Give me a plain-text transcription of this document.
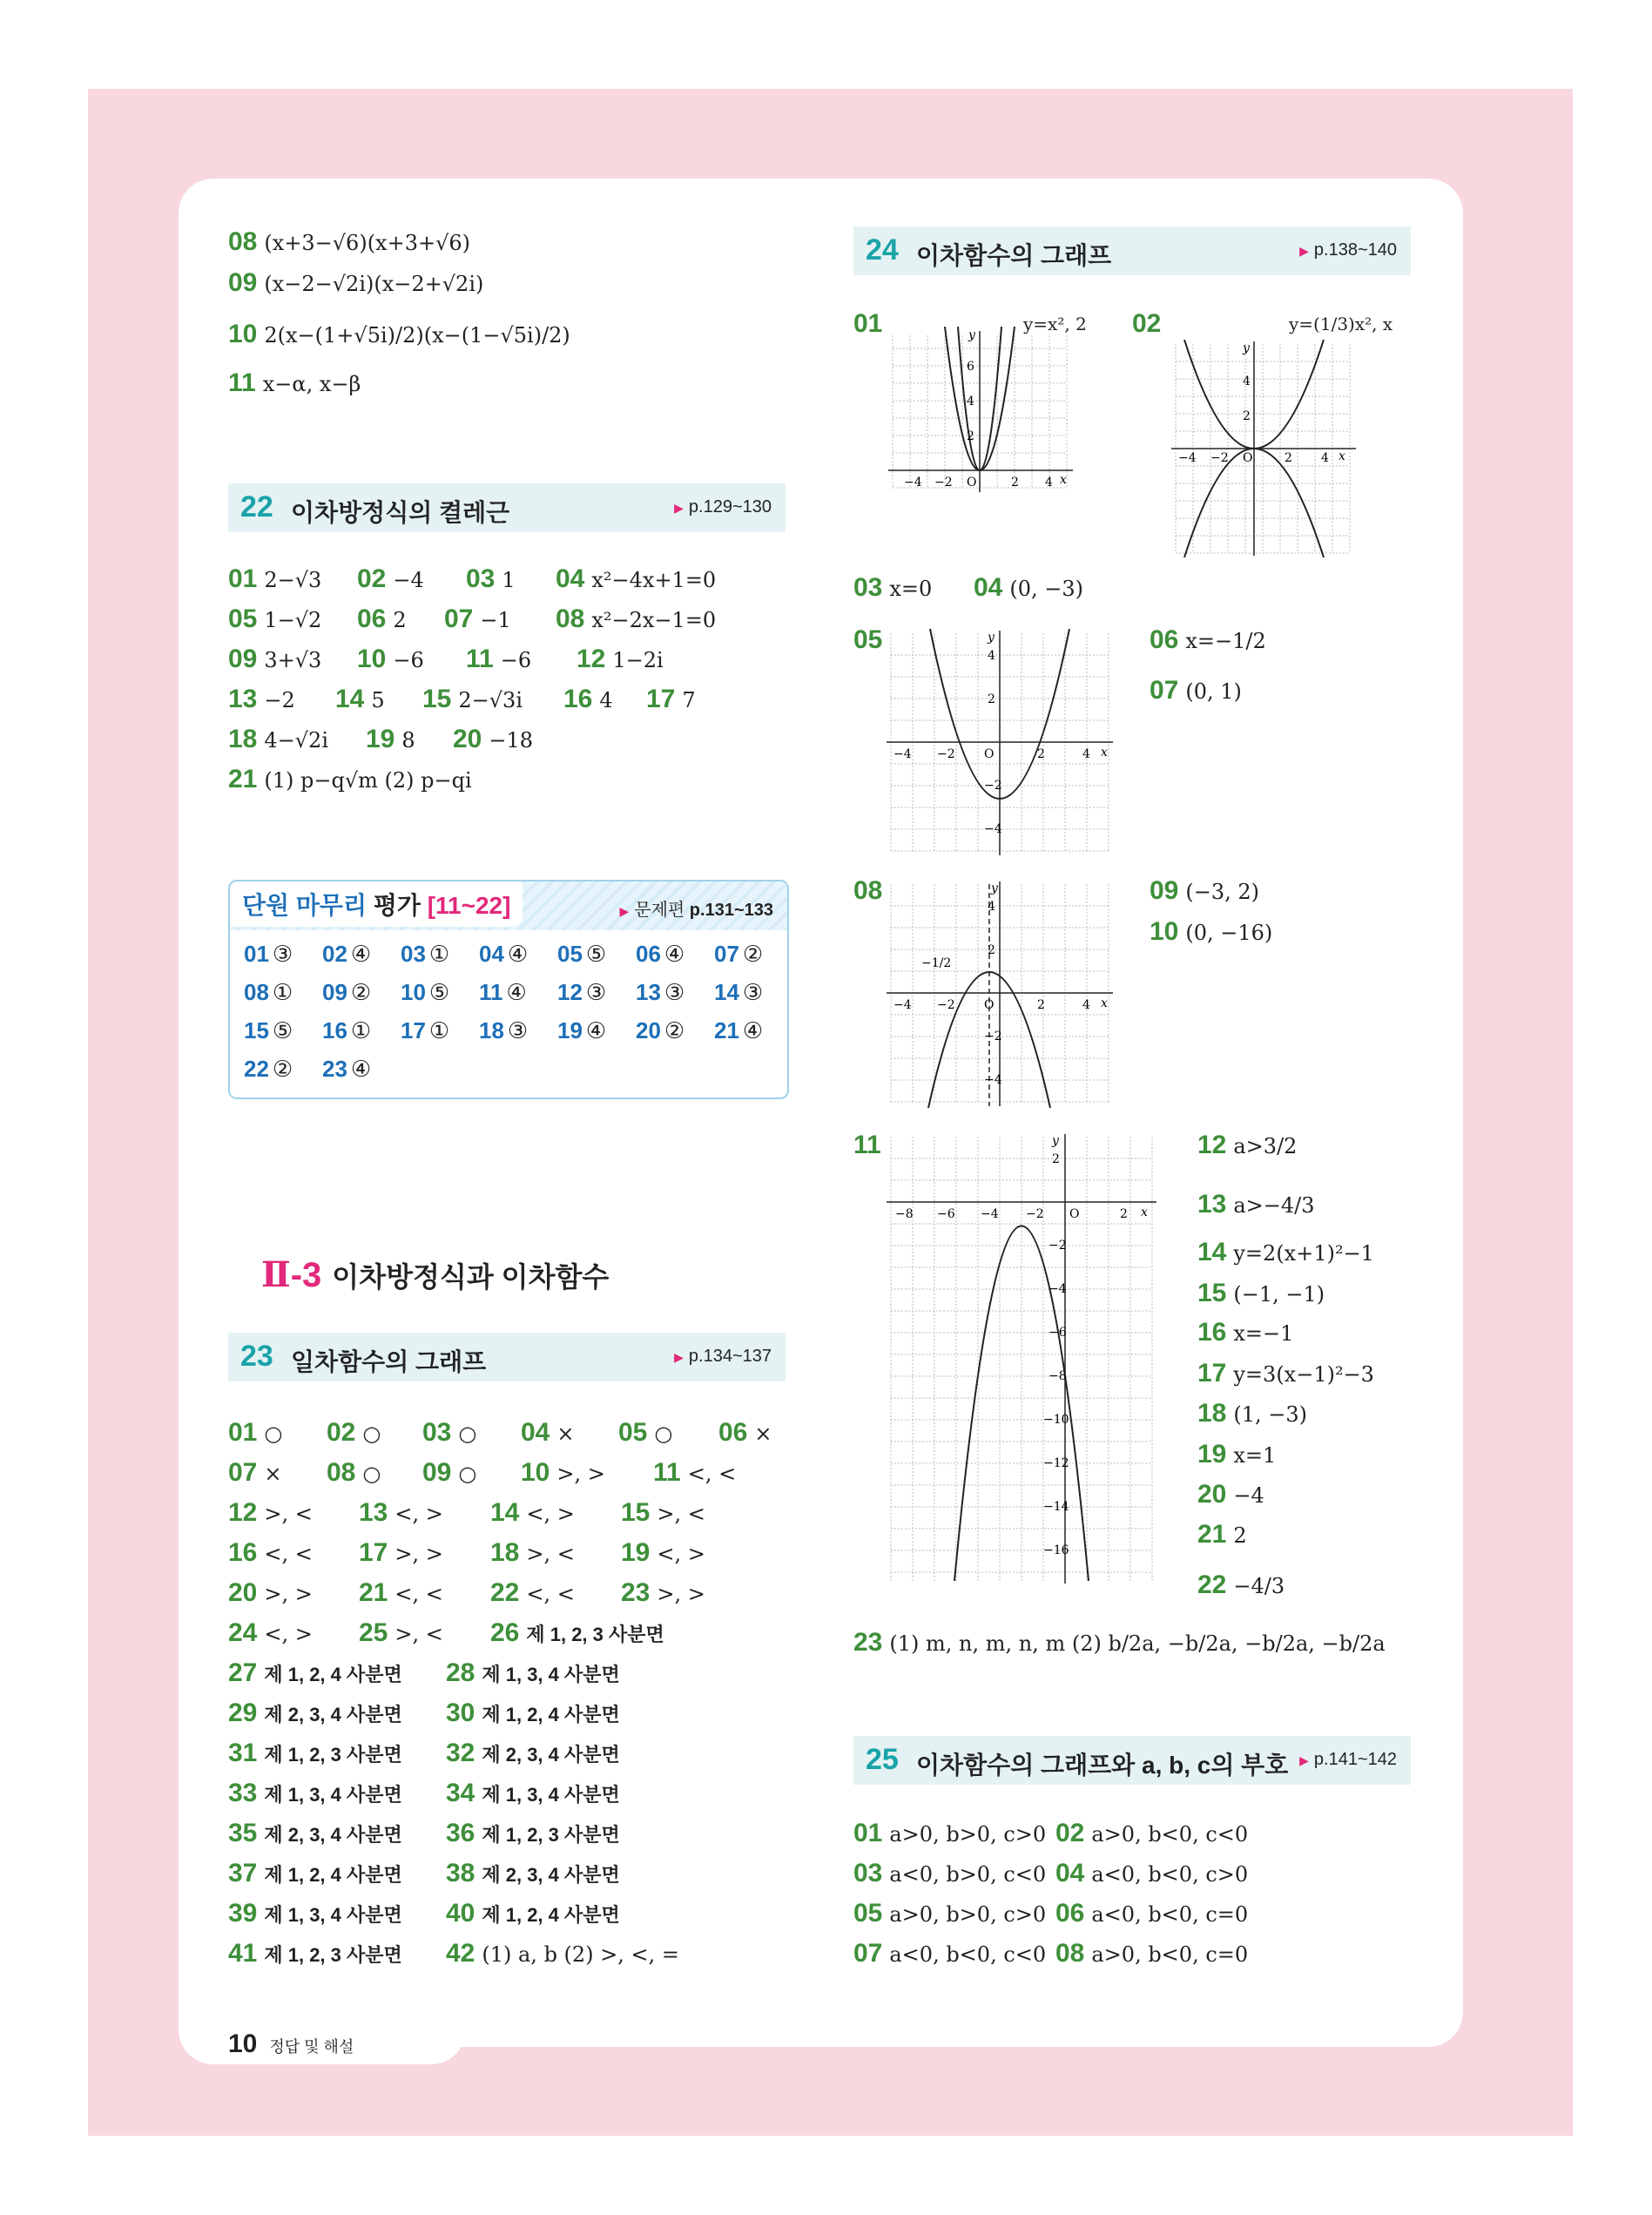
08 (x+3−√6)(x+3+√6)
09 (x−2−√2i)(x−2+√2i)
10 2(x−(1+√5i)/2)(x−(1−√5i)/2)
11 x−α, x−β
22 이차방정식의 켤레근	▶ p.129~130
01 2−√3 02 −4 03 1 04 x²−4x+1=0
05 1−√2 06 2 07 −1 08 x²−2x−1=0
09 3+√3 10 −6 11 −6 12 1−2i
13 −2 14 5 15 2−√3i 16 4 17 7
18 4−√2i 19 8 20 −18
21 (1) p−q√m (2) p−qi
단원 마무리 평가 [11~22]	▶ 문제편 p.131~133
01 ③ 02 ④ 03 ① 04 ④ 05 ⑤ 06 ④ 07 ②
08 ① 09 ② 10 ⑤ 11 ④ 12 ③ 13 ③ 14 ③
15 ⑤ 16 ① 17 ① 18 ③ 19 ④ 20 ② 21 ④
22 ② 23 ④
Ⅱ-3 이차방정식과 이차함수
23 일차함수의 그래프	▶ p.134~137
01 ○ 02 ○ 03 ○ 04 × 05 ○ 06 ×
07 × 08 ○ 09 ○ 10 >, > 11 <, <
12 >, < 13 <, > 14 <, > 15 >, <
16 <, < 17 >, > 18 >, < 19 <, >
20 >, > 21 <, < 22 <, < 23 >, >
24 <, > 25 >, < 26 제 1, 2, 3 사분면
27 제 1, 2, 4 사분면 28 제 1, 3, 4 사분면
29 제 2, 3, 4 사분면 30 제 1, 2, 4 사분면
31 제 1, 2, 3 사분면 32 제 2, 3, 4 사분면
33 제 1, 3, 4 사분면 34 제 1, 3, 4 사분면
35 제 2, 3, 4 사분면 36 제 1, 2, 3 사분면
37 제 1, 2, 4 사분면 38 제 2, 3, 4 사분면
39 제 1, 3, 4 사분면 40 제 1, 2, 4 사분면
41 제 1, 2, 3 사분면 42 (1) a, b (2) >, <, =
24 이차함수의 그래프	▶ p.138~140
01	y=x², 2
−4 −2 O	2 4 x
y
2
4
6
02	y=(1/3)x², x
−4 −2 O	2 4 x
y
2
4
03 x=0 04 (0, −3)
05
−4 −2 O	2	4 x
y
4
2
−2
−4
06 x=−1/2
07 (0, 1)
08
−4 −2 O	2	4 x
y
4
2
−2
−4
−1/2
09 (−3, 2)
10 (0, −16)
11
−8 −6 −4 −2 O	2 x
y
2
−2
−4
−6
−8
−10
−12
−14
−16
12 a>3/2
13 a>−4/3
14 y=2(x+1)²−1
15 (−1, −1)
16 x=−1
17 y=3(x−1)²−3
18 (1, −3)
19 x=1
20 −4
21 2
22 −4/3
23 (1) m, n, m, n, m (2) b/2a, −b/2a, −b/2a, −b/2a
25 이차함수의 그래프와 a, b, c의 부호 ▶ p.141~142
01 a>0, b>0, c>0 02 a>0, b<0, c<0
03 a<0, b>0, c<0 04 a<0, b<0, c>0
05 a>0, b>0, c>0 06 a<0, b<0, c=0
07 a<0, b<0, c<0 08 a>0, b<0, c=0
10 정답 및 해설
